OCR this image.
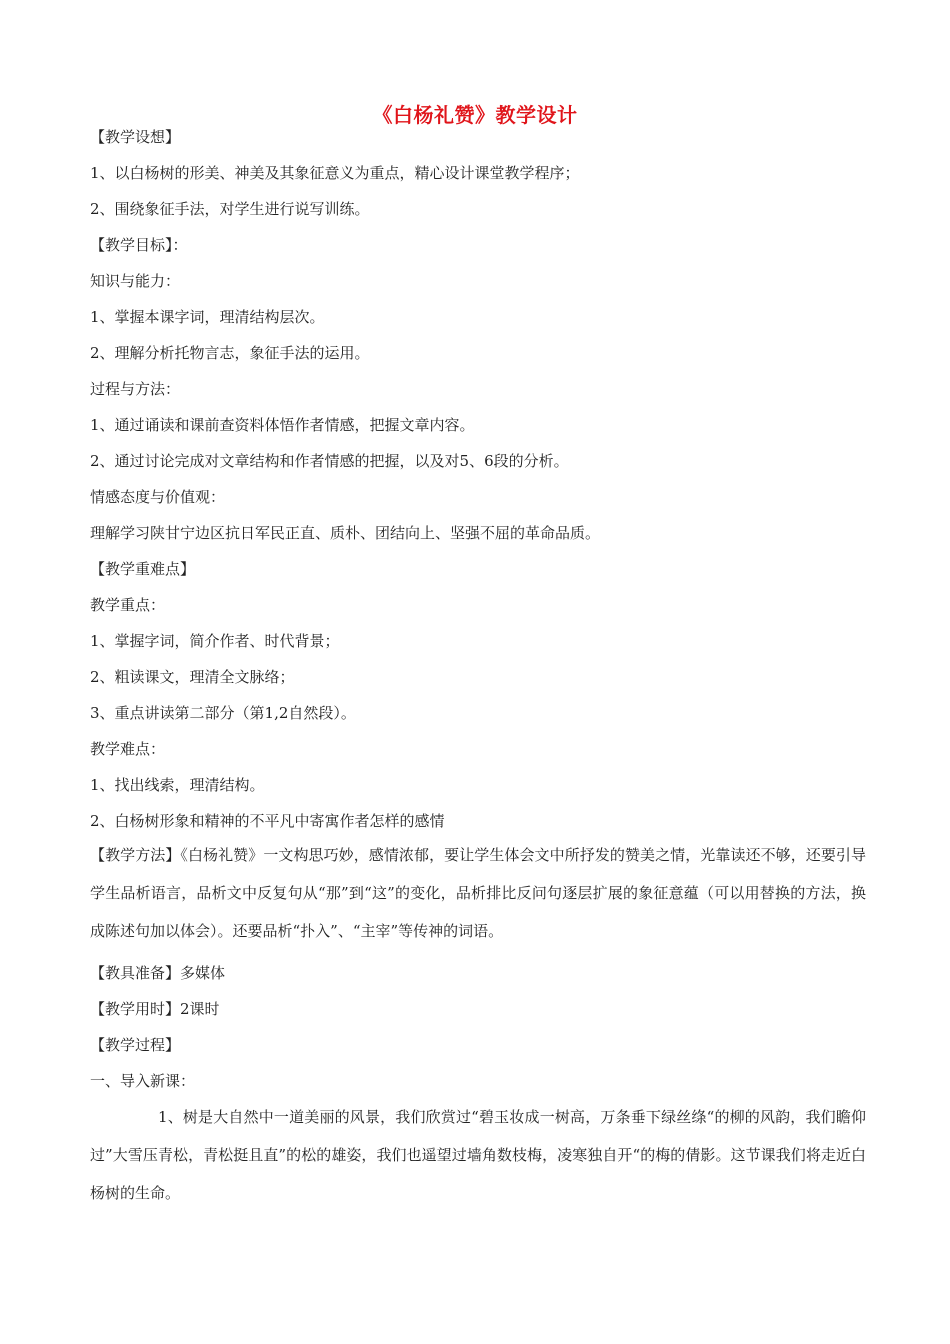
《白杨礼赞》教学设计
【教学设想】
1、以白杨树的形美、神美及其象征意义为重点，精心设计课堂教学程序；
2、围绕象征手法，对学生进行说写训练。
【教学目标】：
知识与能力：
1、掌握本课字词，理清结构层次。
2、理解分析托物言志，象征手法的运用。
过程与方法：
1、通过诵读和课前查资料体悟作者情感，把握文章内容。
2、通过讨论完成对文章结构和作者情感的把握，以及对5、6段的分析。
情感态度与价值观：
理解学习陕甘宁边区抗日军民正直、质朴、团结向上、坚强不屈的革命品质。
【教学重难点】
教学重点：
1、掌握字词，简介作者、时代背景；
2、粗读课文，理清全文脉络；
3、重点讲读第二部分（第1,2自然段）。
教学难点：
1、找出线索，理清结构。
2、白杨树形象和精神的不平凡中寄寓作者怎样的感情
【教学方法】《白杨礼赞》一文构思巧妙，感情浓郁，要让学生体会文中所抒发的赞美之情，光靠读还不够，还要引导学生品析语言，品析文中反复句从“那”到“这”的变化，品析排比反问句逐层扩展的象征意蕴（可以用替换的方法，换成陈述句加以体会）。还要品析“扑入”、“主宰”等传神的词语。
【教具准备】多媒体
【教学用时】2课时
【教学过程】
一、导入新课：
1、树是大自然中一道美丽的风景，我们欣赏过“碧玉妆成一树高，万条垂下绿丝绦“的柳的风韵，我们瞻仰过”大雪压青松，青松挺且直”的松的雄姿，我们也遥望过墙角数枝梅，凌寒独自开“的梅的倩影。这节课我们将走近白杨树的生命。
